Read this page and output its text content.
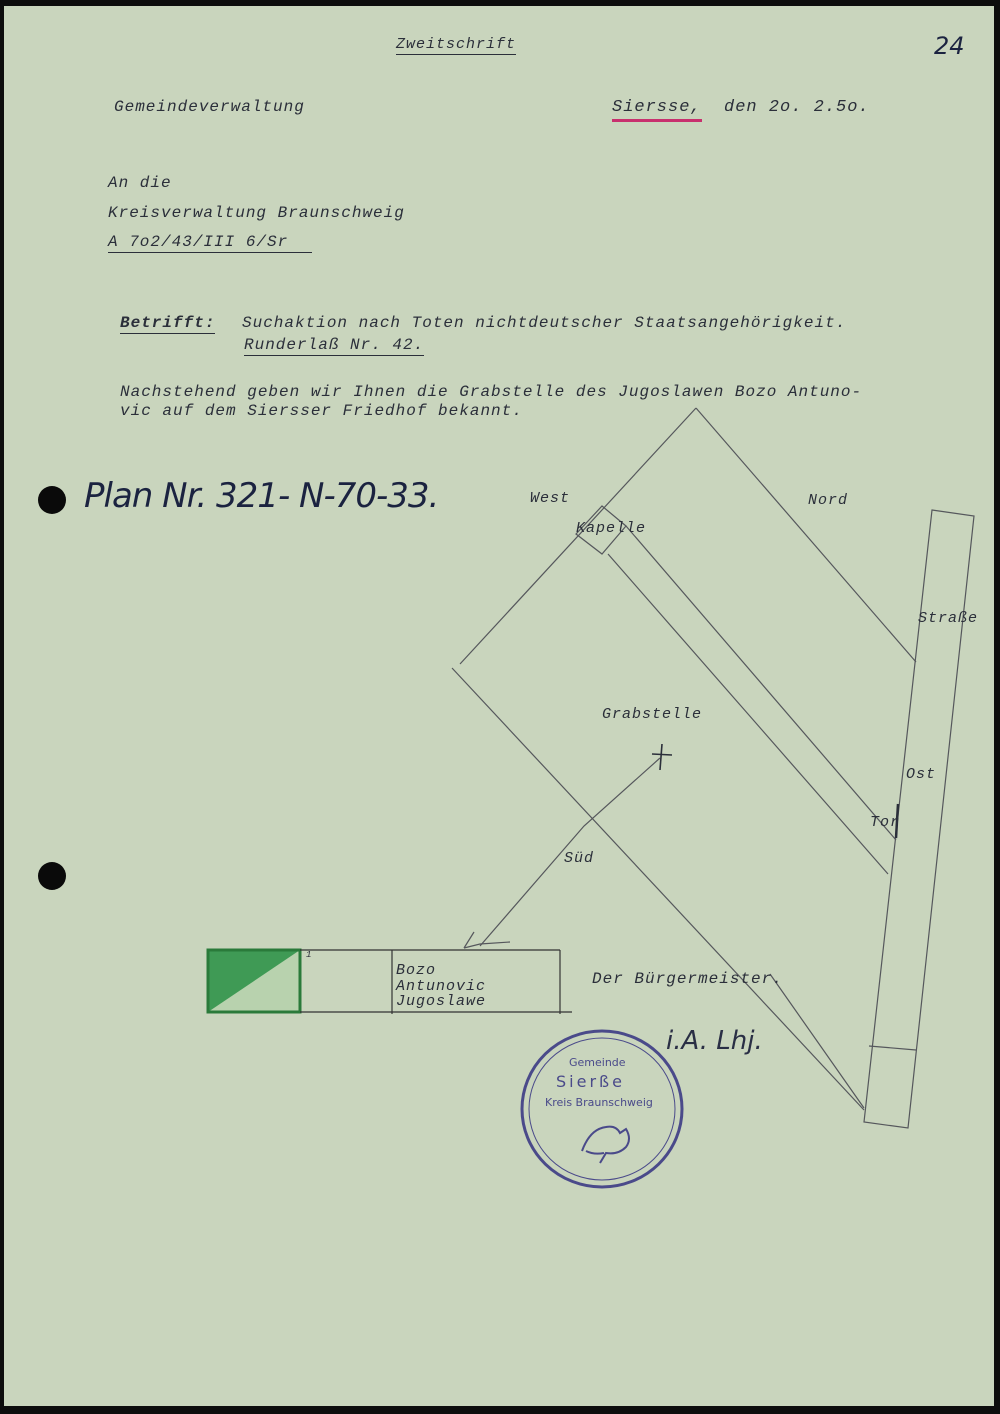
Zweitschrift	24
Gemeindeverwaltung	Siersse, den 2o. 2.5o.
An die
Kreisverwaltung Braunschweig
A 7o2/43/III 6/Sr
Betrifft: Suchaktion nach Toten nichtdeutscher Staatsangehörigkeit.
Runderlaß Nr. 42.
Nachstehend geben wir Ihnen die Grabstelle des Jugoslawen Bozo Antuno-
vic auf dem Siersser Friedhof bekannt.
Plan Nr. 321- N-70-33.	West	Nord
Kapelle
Straße
Grabstelle
Ost
Tor
Süd
1
Bozo
Antunovic
Jugoslawe
Der Bürgermeister.
i.A. Lhj.
Gemeinde
Sierße
Kreis Braunschweig
